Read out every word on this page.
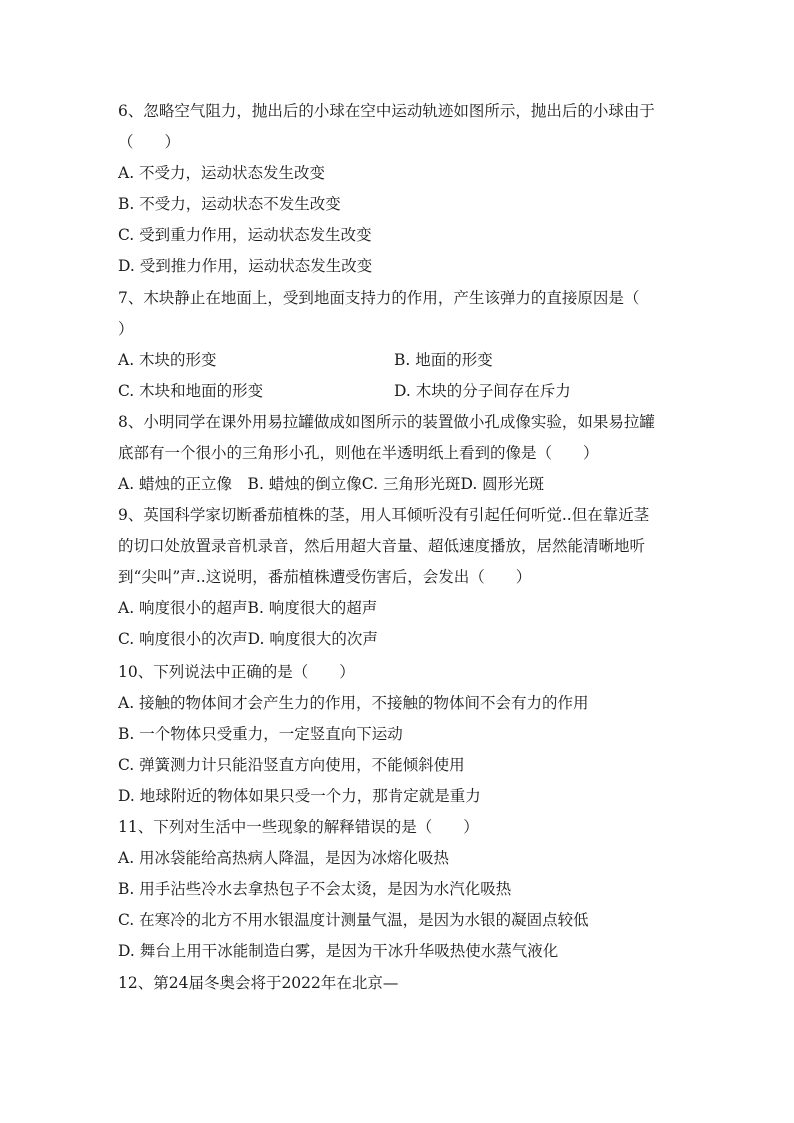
6、忽略空气阻力，抛出后的小球在空中运动轨迹如图所示，抛出后的小球由于
（　　）
A. 不受力，运动状态发生改变
B. 不受力，运动状态不发生改变
C. 受到重力作用，运动状态发生改变
D. 受到推力作用，运动状态发生改变
7、木块静止在地面上，受到地面支持力的作用，产生该弹力的直接原因是（
）
A. 木块的形变	B. 地面的形变
C. 木块和地面的形变	D. 木块的分子间存在斥力
8、小明同学在课外用易拉罐做成如图所示的装置做小孔成像实验，如果易拉罐
底部有一个很小的三角形小孔，则他在半透明纸上看到的像是（　　）
A. 蜡烛的正立像　B. 蜡烛的倒立像C. 三角形光斑D. 圆形光斑
9、英国科学家切断番茄植株的茎，用人耳倾听没有引起任何听觉..但在靠近茎
的切口处放置录音机录音，然后用超大音量、超低速度播放，居然能清晰地听
到“尖叫”声..这说明，番茄植株遭受伤害后，会发出（　　）
A. 响度很小的超声B. 响度很大的超声
C. 响度很小的次声D. 响度很大的次声
10、下列说法中正确的是（　　）
A. 接触的物体间才会产生力的作用，不接触的物体间不会有力的作用
B. 一个物体只受重力，一定竖直向下运动
C. 弹簧测力计只能沿竖直方向使用，不能倾斜使用
D. 地球附近的物体如果只受一个力，那肯定就是重力
11、下列对生活中一些现象的解释错误的是（　　）
A. 用冰袋能给高热病人降温，是因为冰熔化吸热
B. 用手沾些冷水去拿热包子不会太烫，是因为水汽化吸热
C. 在寒冷的北方不用水银温度计测量气温，是因为水银的凝固点较低
D. 舞台上用干冰能制造白雾，是因为干冰升华吸热使水蒸气液化
12、第24届冬奥会将于2022年在北京—
